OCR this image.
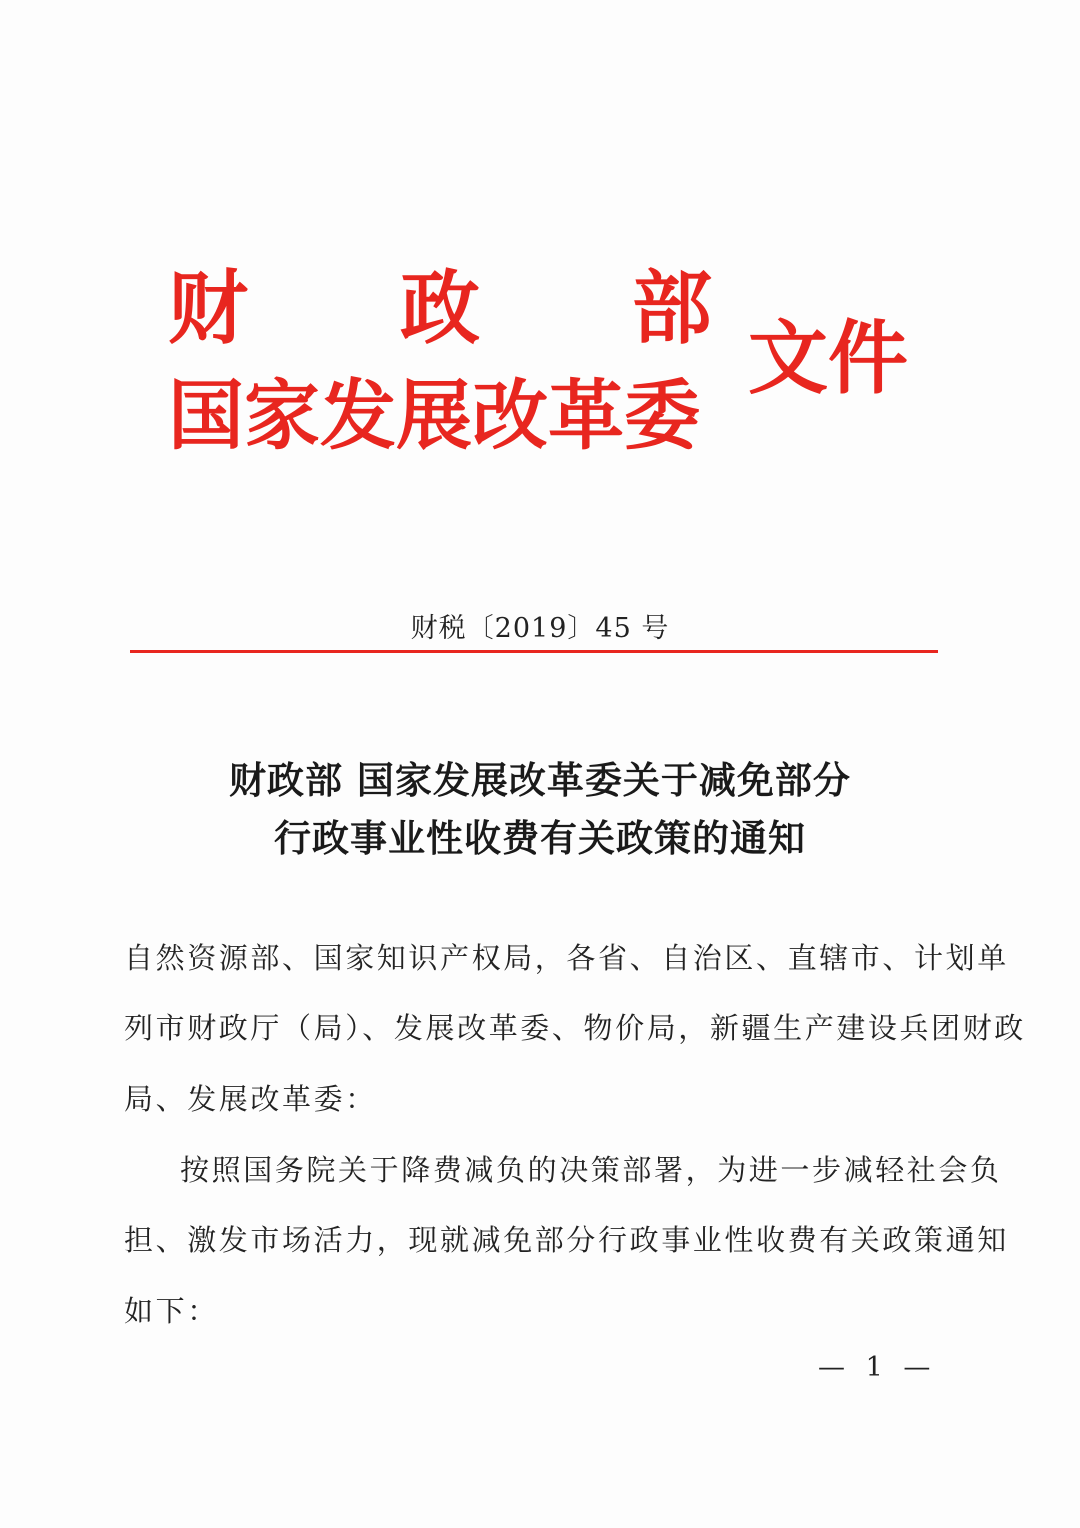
财 政 部
国家发展改革委
文件
财税〔2019〕45 号
财政部 国家发展改革委关于减免部分
行政事业性收费有关政策的通知
自然资源部、国家知识产权局，各省、自治区、直辖市、计划单
列市财政厅（局）、发展改革委、物价局，新疆生产建设兵团财政
局、发展改革委：
按照国务院关于降费减负的决策部署，为进一步减轻社会负
担、激发市场活力，现就减免部分行政事业性收费有关政策通知
如下：
— 1 —
